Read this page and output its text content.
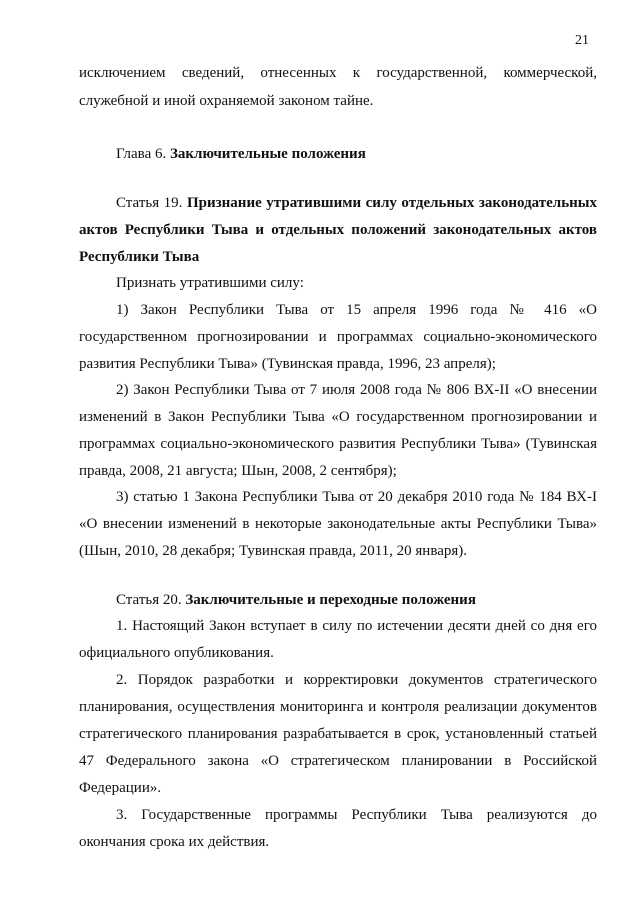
21
исключением сведений, отнесенных к государственной, коммерческой,
служебной и иной охраняемой законом тайне.
Глава 6. Заключительные положения
Статья 19. Признание утратившими силу отдельных законодательных
актов Республики Тыва и отдельных положений законодательных актов
Республики Тыва
Признать утратившими силу:
1) Закон Республики Тыва от 15 апреля 1996 года № 416 «О
государственном прогнозировании и программах социально-экономического
развития Республики Тыва» (Тувинская правда, 1996, 23 апреля);
2) Закон Республики Тыва от 7 июля 2008 года № 806 ВХ-II «О внесении
изменений в Закон Республики Тыва «О государственном прогнозировании и
программах социально-экономического развития Республики Тыва» (Тувинская
правда, 2008, 21 августа; Шын, 2008, 2 сентября);
3) статью 1 Закона Республики Тыва от 20 декабря 2010 года № 184 ВХ-I
«О внесении изменений в некоторые законодательные акты Республики Тыва»
(Шын, 2010, 28 декабря; Тувинская правда, 2011, 20 января).
Статья 20. Заключительные и переходные положения
1. Настоящий Закон вступает в силу по истечении десяти дней со дня его
официального опубликования.
2. Порядок разработки и корректировки документов стратегического
планирования, осуществления мониторинга и контроля реализации документов
стратегического планирования разрабатывается в срок, установленный статьей
47 Федерального закона «О стратегическом планировании в Российской
Федерации».
3. Государственные программы Республики Тыва реализуются до
окончания срока их действия.
